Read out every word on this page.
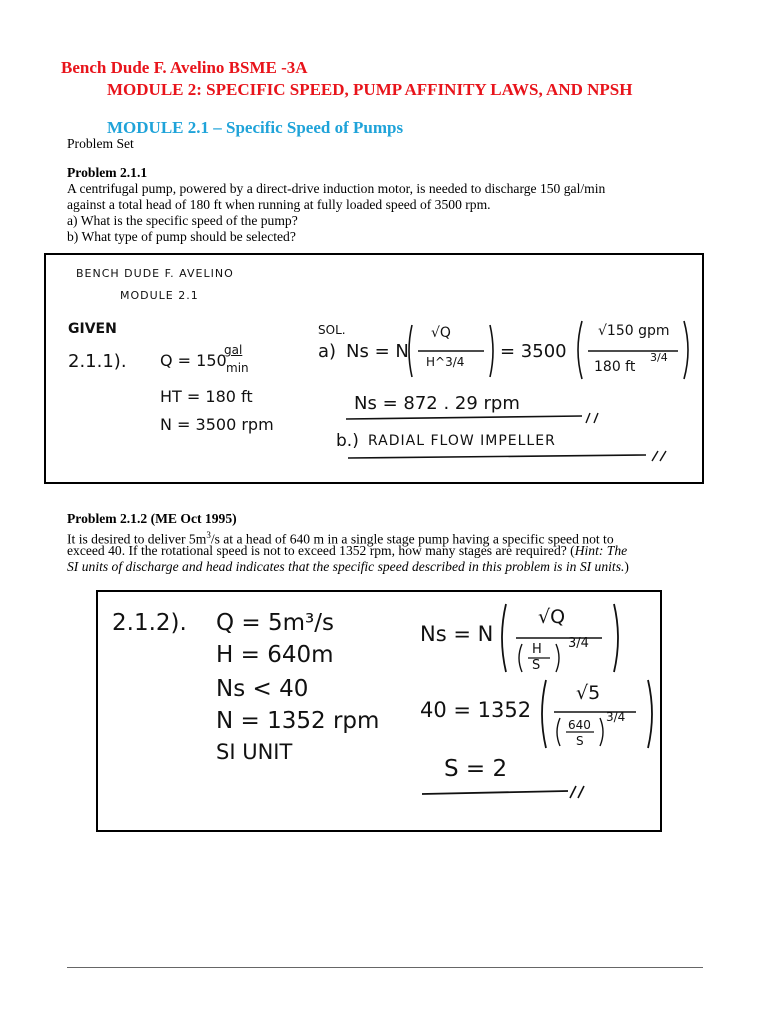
Bench Dude F. Avelino BSME -3A
MODULE 2: SPECIFIC SPEED, PUMP AFFINITY LAWS, AND NPSH
MODULE 2.1 – Specific Speed of Pumps
Problem Set
Problem 2.1.1
A centrifugal pump, powered by a direct-drive induction motor, is needed to discharge 150 gal/min
against a total head of 180 ft when running at fully loaded speed of 3500 rpm.
a) What is the specific speed of the pump?
b) What type of pump should be selected?
BENCH DUDE F. AVELINO
MODULE 2.1
GIVEN
2.1.1). Q = 150
gal
min
HT = 180 ft
N = 3500 rpm
SOL.
a) Ns = N
√Q
H^3/4 = 3500
√150 gpm
180 ft
3/4
Ns = 872 . 29 rpm
b.) RADIAL FLOW IMPELLER
Problem 2.1.2 (ME Oct 1995)
It is desired to deliver $5m^3/s$ at a head of 640 m in a single stage pump having a specific speed not to
exceed 40. If the rotational speed is not to exceed 1352 rpm, how many stages are required? (Hint: The
SI units of discharge and head indicates that the specific speed described in this problem is in SI units.)
2.1.2). Q = 5m³/s
H = 640m
Ns < 40
N = 1352 rpm
SI UNIT
Ns = N
√Q
H
S
3/4
40 = 1352
√5
640
S
3/4
S = 2
